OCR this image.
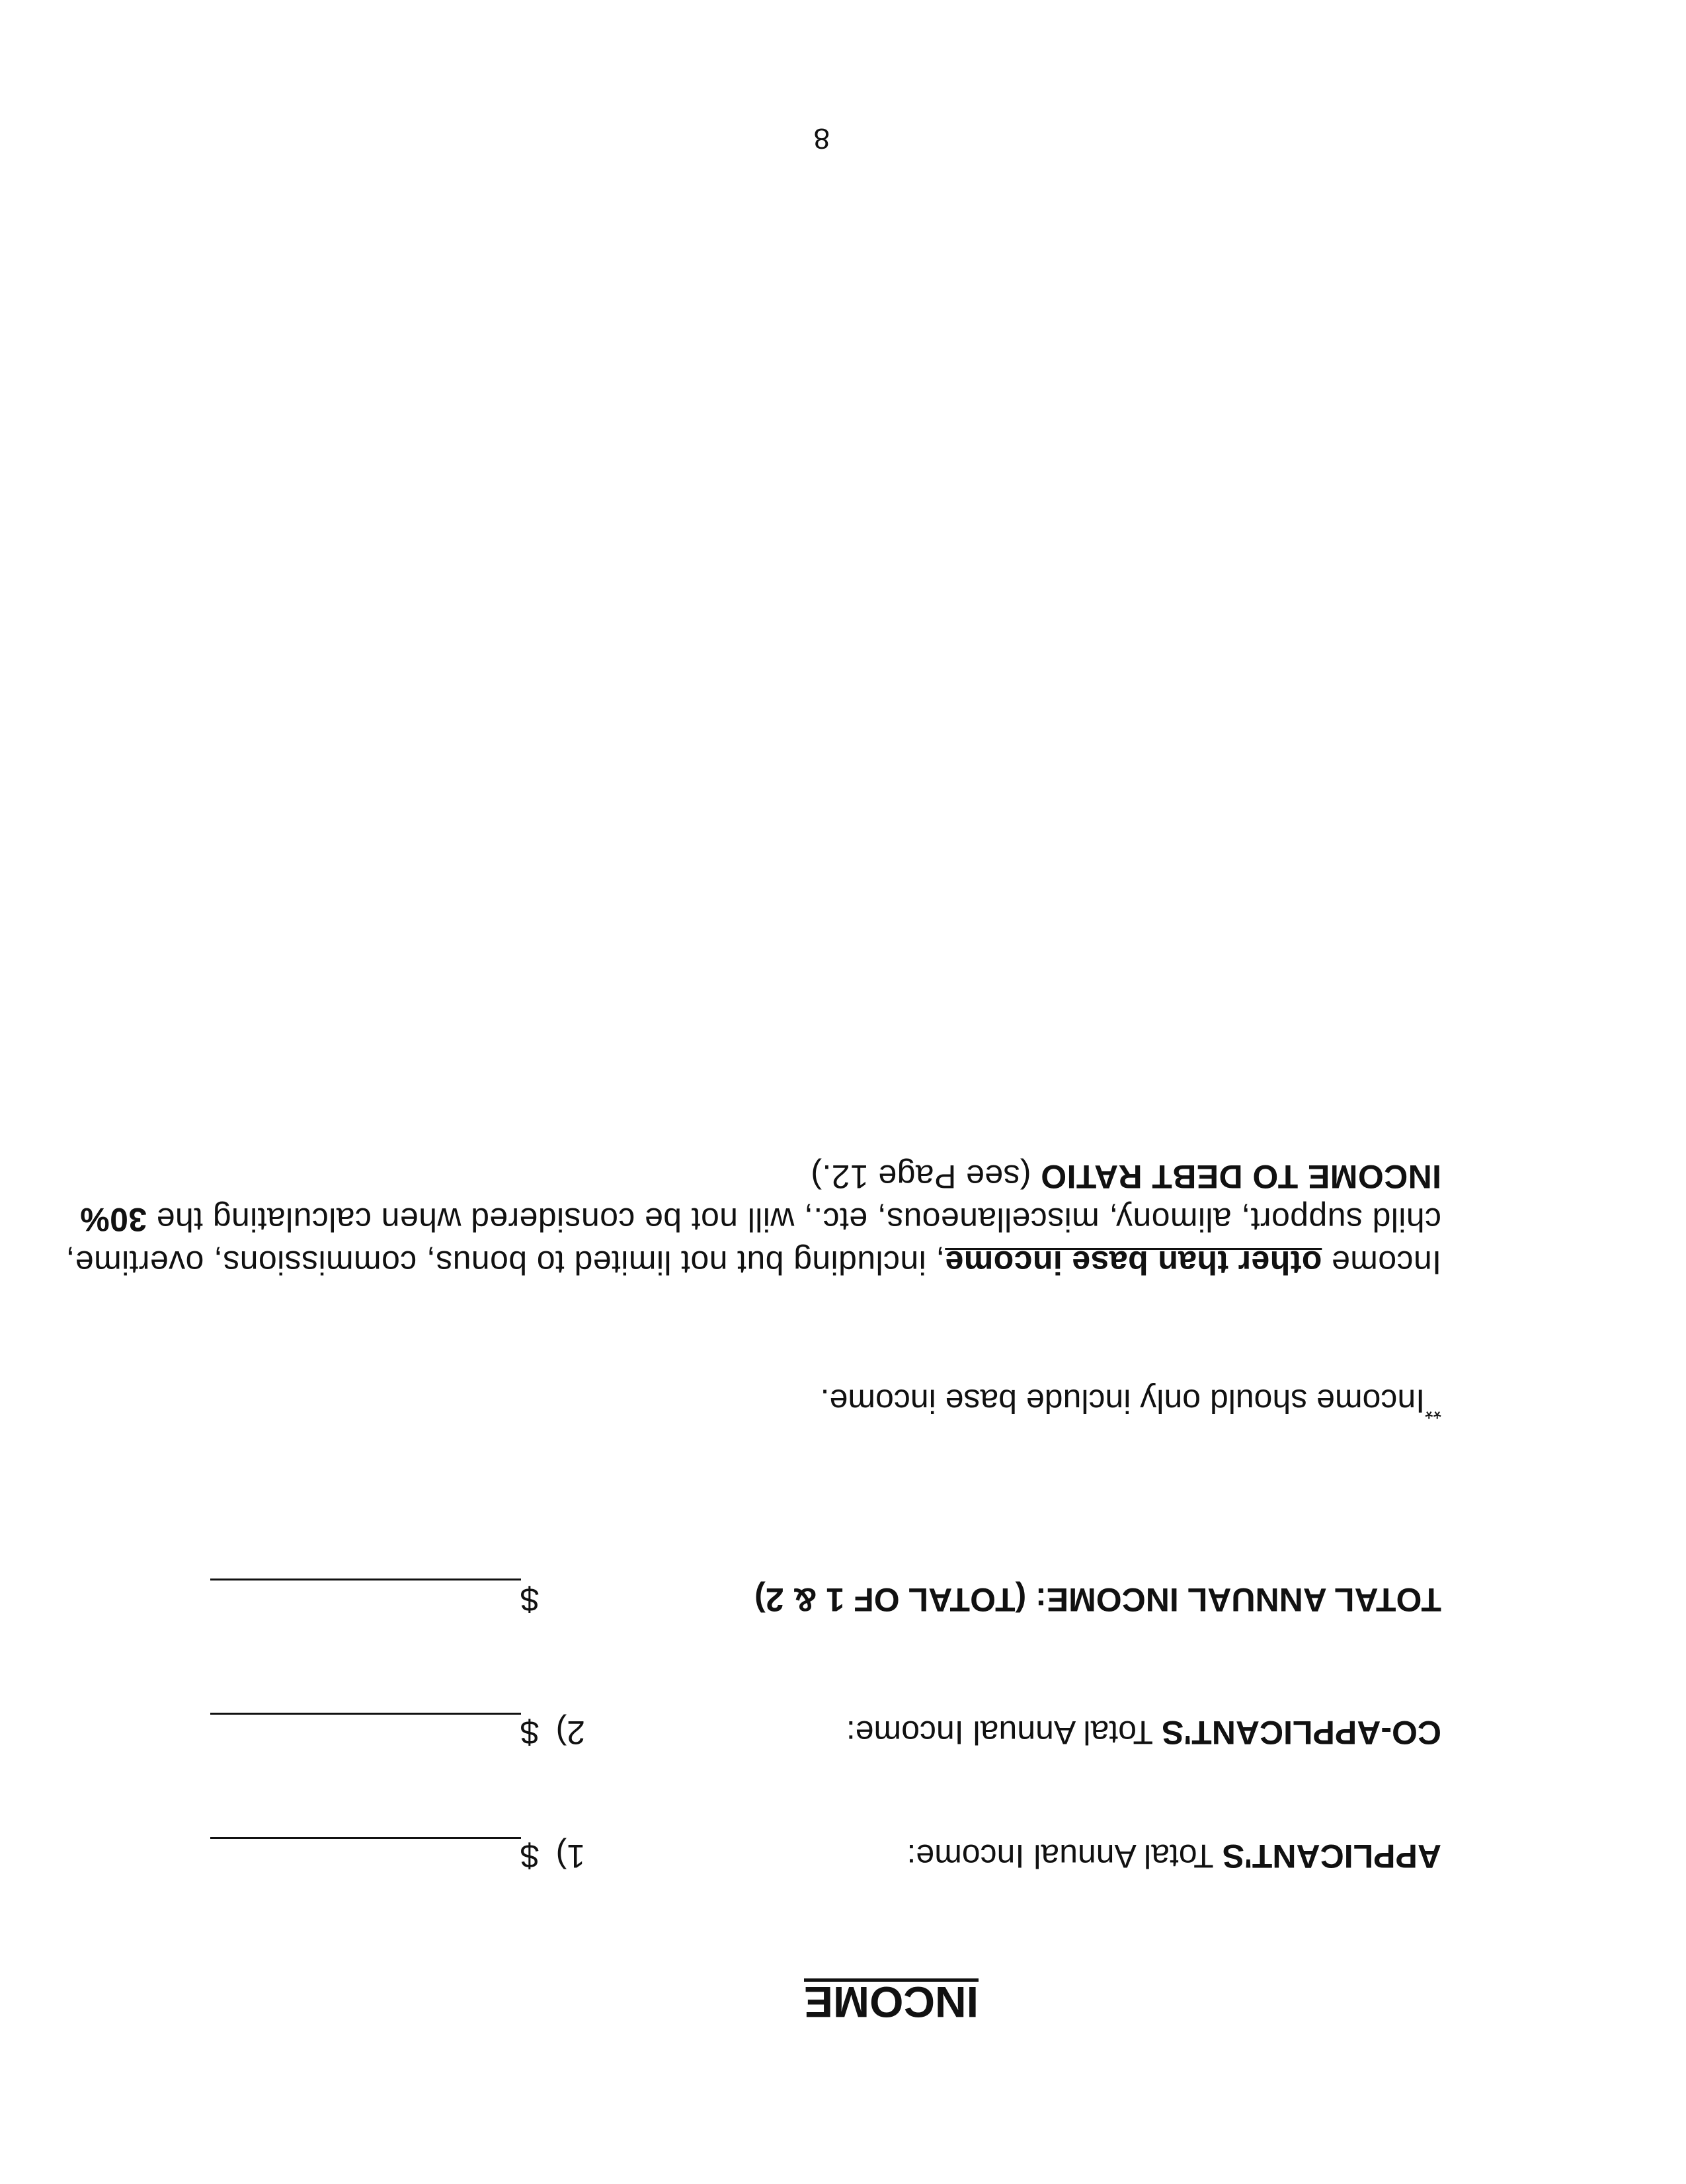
INCOME
APPLICANT'S Total Annual Income:
1)
$
CO-APPLICANT'S Total Annual Income:
2)
$
TOTAL ANNUAL INCOME: (TOTAL OF 1 & 2)
$
**Income should only include base income.
Income other than base income, including but not limited to bonus, commissions, overtime,
child support, alimony, miscellaneous, etc., will not be considered when calculating the 30%
INCOME TO DEBT RATIO (see Page 12.)
8
